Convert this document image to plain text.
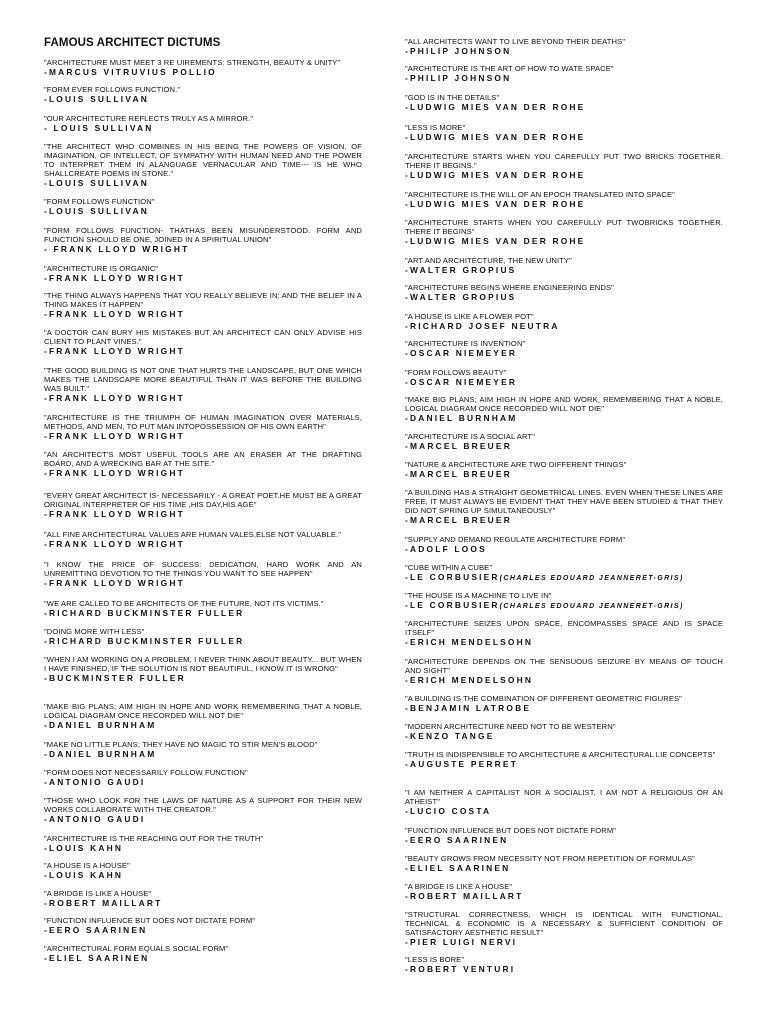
FAMOUS ARCHITECT DICTUMS

"ARCHITECTURE MUST MEET 3 RE UIREMENTS: STRENGTH, BEAUTY & UNITY"

-MARCUS VITRUVIUS POLLIO

"FORM EVER FOLLOWS FUNCTION."

-LOUIS SULLIVAN

"OUR ARCHITECTURE REFLECTS TRULY AS A MIRROR."

- LOUIS SULLIVAN

"THE ARCHITECT WHO COMBINES IN HIS BEING THE POWERS OF VISION, OF IMAGINATION, OF INTELLECT, OF SYMPATHY WITH HUMAN NEED AND THE POWER TO INTERPRET THEM IN ALANGUAGE VERNACULAR AND TIME--- IS HE WHO SHALLCREATE POEMS IN STONE."

-LOUIS SULLIVAN

"FORM FOLLOWS FUNCTION"

-LOUIS SULLIVAN

"FORM FOLLOWS FUNCTION- THATHAS BEEN MISUNDERSTOOD. FORM AND FUNCTION SHOULD BE ONE, JOINED IN A SPIRITUAL UNION"

- FRANK LLOYD WRIGHT

"ARCHITECTURE IS ORGANIC"

-FRANK LLOYD WRIGHT

"THE THING ALWAYS HAPPENS THAT YOU REALLY BELIEVE IN; AND THE BELIEF IN A THING MAKES IT HAPPEN"

-FRANK LLOYD WRIGHT

"A DOCTOR CAN BURY HIS MISTAKES BUT AN ARCHITECT CAN ONLY ADVISE HIS CLIENT TO PLANT VINES."

-FRANK LLOYD WRIGHT

"THE GOOD BUILDING IS NOT ONE THAT HURTS THE LANDSCAPE, BUT ONE WHICH MAKES THE LANDSCAPE MORE BEAUTIFUL THAN IT WAS BEFORE THE BUILDING WAS BUILT."

-FRANK LLOYD WRIGHT

"ARCHITECTURE IS THE TRIUMPH OF HUMAN IMAGINATION OVER MATERIALS, METHODS, AND MEN, TO PUT MAN INTOPOSSESSION OF HIS OWN EARTH"

-FRANK LLOYD WRIGHT

"AN ARCHITECT'S MOST USEFUL TOOLS ARE AN ERASER AT THE DRAFTING BOARD, AND A WRECKING BAR AT THE SITE."

-FRANK LLOYD WRIGHT

"EVERY GREAT ARCHITECT IS- NECESSARILY - A GREAT POET.HE MUST BE A GREAT ORIGINAL INTERPRETER OF HIS TIME ,HIS DAY,HIS AGE"

-FRANK LLOYD WRIGHT

"ALL FINE ARCHITECTURAL VALUES ARE HUMAN VALES,ELSE NOT VALUABLE."

-FRANK LLOYD WRIGHT

"I KNOW THE PRICE OF SUCCESS: DEDICATION, HARD WORK AND AN UNREMITTING DEVOTION TO THE THINGS YOU WANT TO SEE HAPPEN"

-FRANK LLOYD WRIGHT

"WE ARE CALLED TO BE ARCHITECTS OF THE FUTURE, NOT ITS VICTIMS."

-RICHARD BUCKMINSTER FULLER

"DOING MORE WITH LESS"

-RICHARD BUCKMINSTER FULLER

"WHEN I AM WORKING ON A PROBLEM, I NEVER THINK ABOUT BEAUTY... BUT WHEN I HAVE FINISHED, IF THE SOLUTION IS NOT BEAUTIFUL, I KNOW IT IS WRONG"

-BUCKMINSTER FULLER

"MAKE BIG PLANS; AIM HIGH IN HOPE AND WORK REMEMBERING THAT A NOBLE, LOGICAL DIAGRAM ONCE RECORDED WILL NOT DIE"

-DANIEL BURNHAM

"MAKE NO LITTLE PLANS; THEY HAVE NO MAGIC TO STIR MEN'S BLOOD"

-DANIEL BURNHAM

"FORM DOES NOT NECESSARILY FOLLOW FUNCTION"

-ANTONIO GAUDI

"THOSE WHO LOOK FOR THE LAWS OF NATURE AS A SUPPORT FOR THEIR NEW WORKS COLLABORATE WITH THE CREATOR."

-ANTONIO GAUDI

"ARCHITECTURE IS THE REACHING OUT FOR THE TRUTH"

-LOUIS KAHN

"A HOUSE IS A HOUSE"

-LOUIS KAHN

"A BRIDGE IS LIKE A HOUSE"

-ROBERT MAILLART

"FUNCTION INFLUENCE BUT DOES NOT DICTATE FORM"

-EERO SAARINEN

"ARCHITECTURAL FORM EQUALS SOCIAL FORM"

-ELIEL SAARINEN

"ALL ARCHITECTS WANT TO LIVE BEYOND THEIR DEATHS"

-PHILIP JOHNSON

"ARCHITECTURE IS THE ART OF HOW TO WATE SPACE"

-PHILIP JOHNSON

"GOD IS IN THE DETAILS"

-LUDWIG MIES VAN DER ROHE

"LESS IS MORE"

-LUDWIG MIES VAN DER ROHE

"ARCHITECTURE STARTS WHEN YOU CAREFULLY PUT TWO BRICKS TOGETHER. THERE IT BEGINS."

-LUDWIG MIES VAN DER ROHE

"ARCHITECTURE IS THE WILL OF AN EPOCH TRANSLATED INTO SPACE"

-LUDWIG MIES VAN DER ROHE

"ARCHITECTURE STARTS WHEN YOU CAREFULLY PUT TWOBRICKS TOGETHER. THERE IT BEGINS"

-LUDWIG MIES VAN DER ROHE

"ART AND ARCHITECTURE, THE NEW UNITY"

-WALTER GROPIUS

"ARCHITECTURE BEGINS WHERE ENGINEERING ENDS"

-WALTER GROPIUS

"A HOUSE IS LIKE A FLOWER POT"

-RICHARD JOSEF NEUTRA

"ARCHITECTURE IS INVENTION"

-OSCAR NIEMEYER

"FORM FOLLOWS BEAUTY"

-OSCAR NIEMEYER

"MAKE BIG PLANS; AIM HIGH IN HOPE AND WORK, REMEMBERING THAT A NOBLE, LOGICAL DIAGRAM ONCE RECORDED WILL NOT DIE"

-DANIEL BURNHAM

"ARCHITECTURE IS A SOCIAL ART"

-MARCEL BREUER

"NATURE & ARCHITECTURE ARE TWO DIFFERENT THINGS"

-MARCEL BREUER

"A BUILDING HAS A STRAIGHT GEOMETRICAL LINES. EVEN WHEN THESE LINES ARE FREE, IT MUST ALWAYS BE EVIDENT THAT THEY HAVE BEEN STUDIED & THAT THEY DID NOT SPRING UP SIMULTANEOUSLY"

-MARCEL BREUER

"SUPPLY AND DEMAND REGULATE ARCHITECTURE FORM"

-ADOLF LOOS

"CUBE WITHIN A CUBE"

-LE CORBUSIER(CHARLES EDOUARD JEANNERET-GRIS)

"THE HOUSE IS A MACHINE TO LIVE IN"

-LE CORBUSIER(CHARLES EDOUARD JEANNERET-GRIS)

"ARCHITECTURE SEIZES UPON SPACE, ENCOMPASSES SPACE AND IS SPACE ITSELF"

-ERICH MENDELSOHN

"ARCHITECTURE DEPENDS ON THE SENSUOUS SEIZURE BY MEANS OF TOUCH AND SIGHT"

-ERICH MENDELSOHN

"A BUILDING IS THE COMBINATION OF DIFFERENT GEOMETRIC FIGURES"

-BENJAMIN LATROBE

"MODERN ARCHITECTURE NEED NOT TO BE WESTERN"

-KENZO TANGE

"TRUTH IS INDISPENSIBLE TO ARCHITECTURE & ARCHITECTURAL LIE CONCEPTS"

-AUGUSTE PERRET

"I AM NEITHER A CAPITALIST NOR A SOCIALIST, I AM NOT A RELIGIOUS OR AN ATHEIST"

-LUCIO COSTA

"FUNCTION INFLUENCE BUT DOES NOT DICTATE FORM"

-EERO SAARINEN

"BEAUTY GROWS FROM NECESSITY NOT FROM REPETITION OF FORMULAS"

-ELIEL SAARINEN

"A BRIDGE IS LIKE A HOUSE"

-ROBERT MAILLART

"STRUCTURAL CORRECTNESS, WHICH IS IDENTICAL WITH FUNCTIONAL, TECHNICAL & ECONOMIC IS A NECESSARY & SUFFICIENT CONDITION OF SATISFACTORY AESTHETIC RESULT"

-PIER LUIGI NERVI

"LESS IS BORE"

-ROBERT VENTURI
